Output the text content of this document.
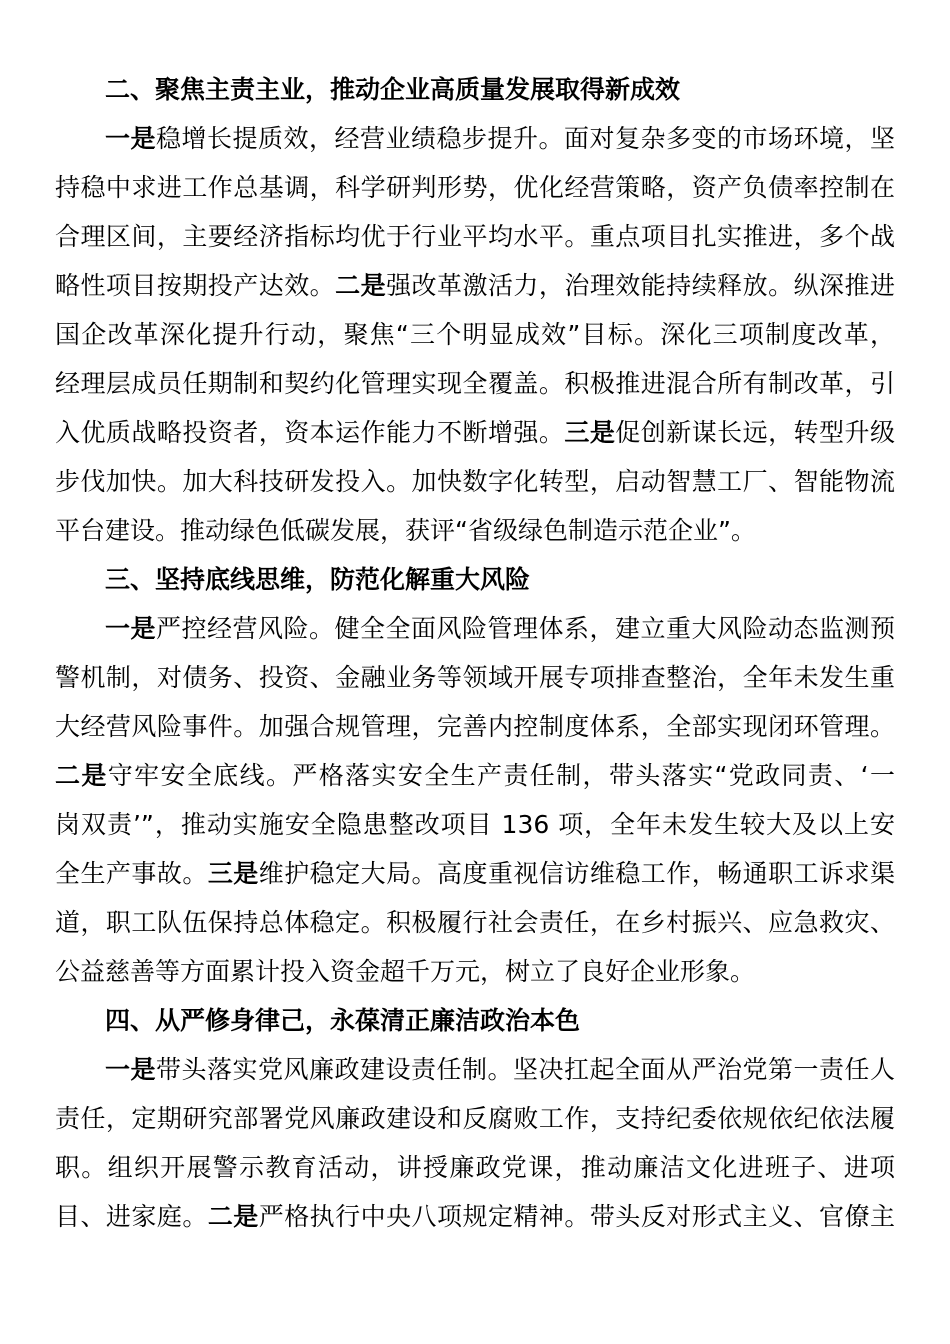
二、聚焦主责主业，推动企业高质量发展取得新成效
一是稳增长提质效，经营业绩稳步提升。面对复杂多变的市场环境，坚
持稳中求进工作总基调，科学研判形势，优化经营策略，资产负债率控制在
合理区间，主要经济指标均优于行业平均水平。重点项目扎实推进，多个战
略性项目按期投产达效。二是强改革激活力，治理效能持续释放。纵深推进
国企改革深化提升行动，聚焦“三个明显成效”目标。深化三项制度改革，
经理层成员任期制和契约化管理实现全覆盖。积极推进混合所有制改革，引
入优质战略投资者，资本运作能力不断增强。三是促创新谋长远，转型升级
步伐加快。加大科技研发投入。加快数字化转型，启动智慧工厂、智能物流
平台建设。推动绿色低碳发展，获评“省级绿色制造示范企业”。
三、坚持底线思维，防范化解重大风险
一是严控经营风险。健全全面风险管理体系，建立重大风险动态监测预
警机制，对债务、投资、金融业务等领域开展专项排查整治，全年未发生重
大经营风险事件。加强合规管理，完善内控制度体系，全部实现闭环管理。
二是守牢安全底线。严格落实安全生产责任制，带头落实“党政同责、‘一
岗双责’”，推动实施安全隐患整改项目 136 项，全年未发生较大及以上安
全生产事故。三是维护稳定大局。高度重视信访维稳工作，畅通职工诉求渠
道，职工队伍保持总体稳定。积极履行社会责任，在乡村振兴、应急救灾、
公益慈善等方面累计投入资金超千万元，树立了良好企业形象。
四、从严修身律己，永葆清正廉洁政治本色
一是带头落实党风廉政建设责任制。坚决扛起全面从严治党第一责任人
责任，定期研究部署党风廉政建设和反腐败工作，支持纪委依规依纪依法履
职。组织开展警示教育活动，讲授廉政党课，推动廉洁文化进班子、进项
目、进家庭。二是严格执行中央八项规定精神。带头反对形式主义、官僚主
